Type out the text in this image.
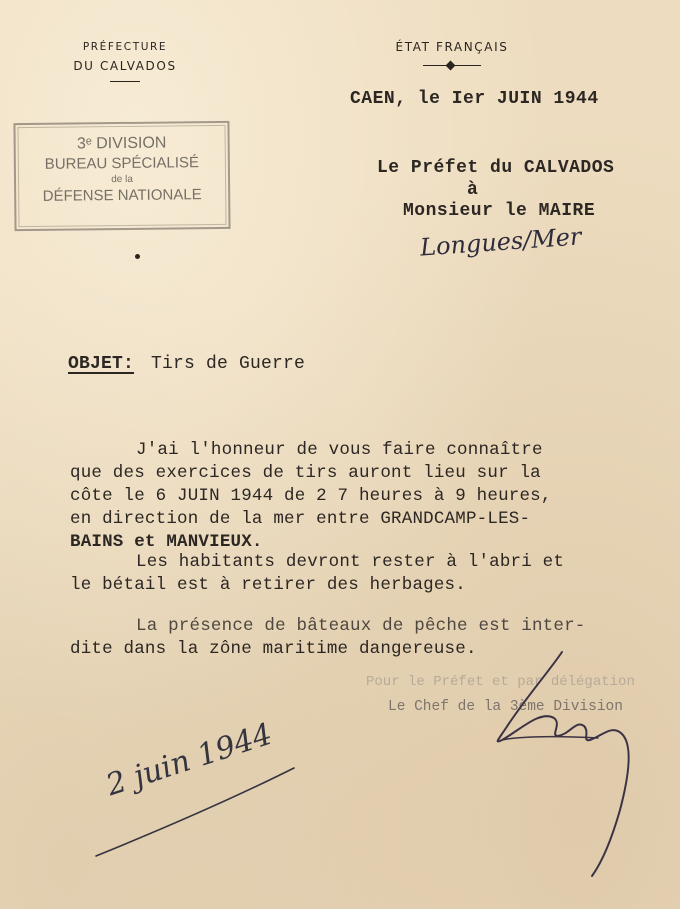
PRÉFECTURE
DU CALVADOS
ÉTAT FRANÇAIS
CAEN, le Ier JUIN 1944
3ᵉ DIVISION
BUREAU SPÉCIALISÉ
de la
DÉFENSE NATIONALE
Le Préfet du CALVADOS
à
Monsieur le MAIRE
Longues/Mer
OBJET: Tirs de Guerre
J'ai l'honneur de vous faire connaître
que des exercices de tirs auront lieu sur la
côte le 6 JUIN 1944 de 2 7 heures à 9 heures,
en direction de la mer entre GRANDCAMP-LES-
BAINS et MANVIEUX.
Les habitants devront rester à l'abri et
le bétail est à retirer des herbages.
La présence de bâteaux de pêche est inter-
dite dans la zône maritime dangereuse.
Pour le Préfet et par délégation
Le Chef de la 3ème Division
2 juin 1944
